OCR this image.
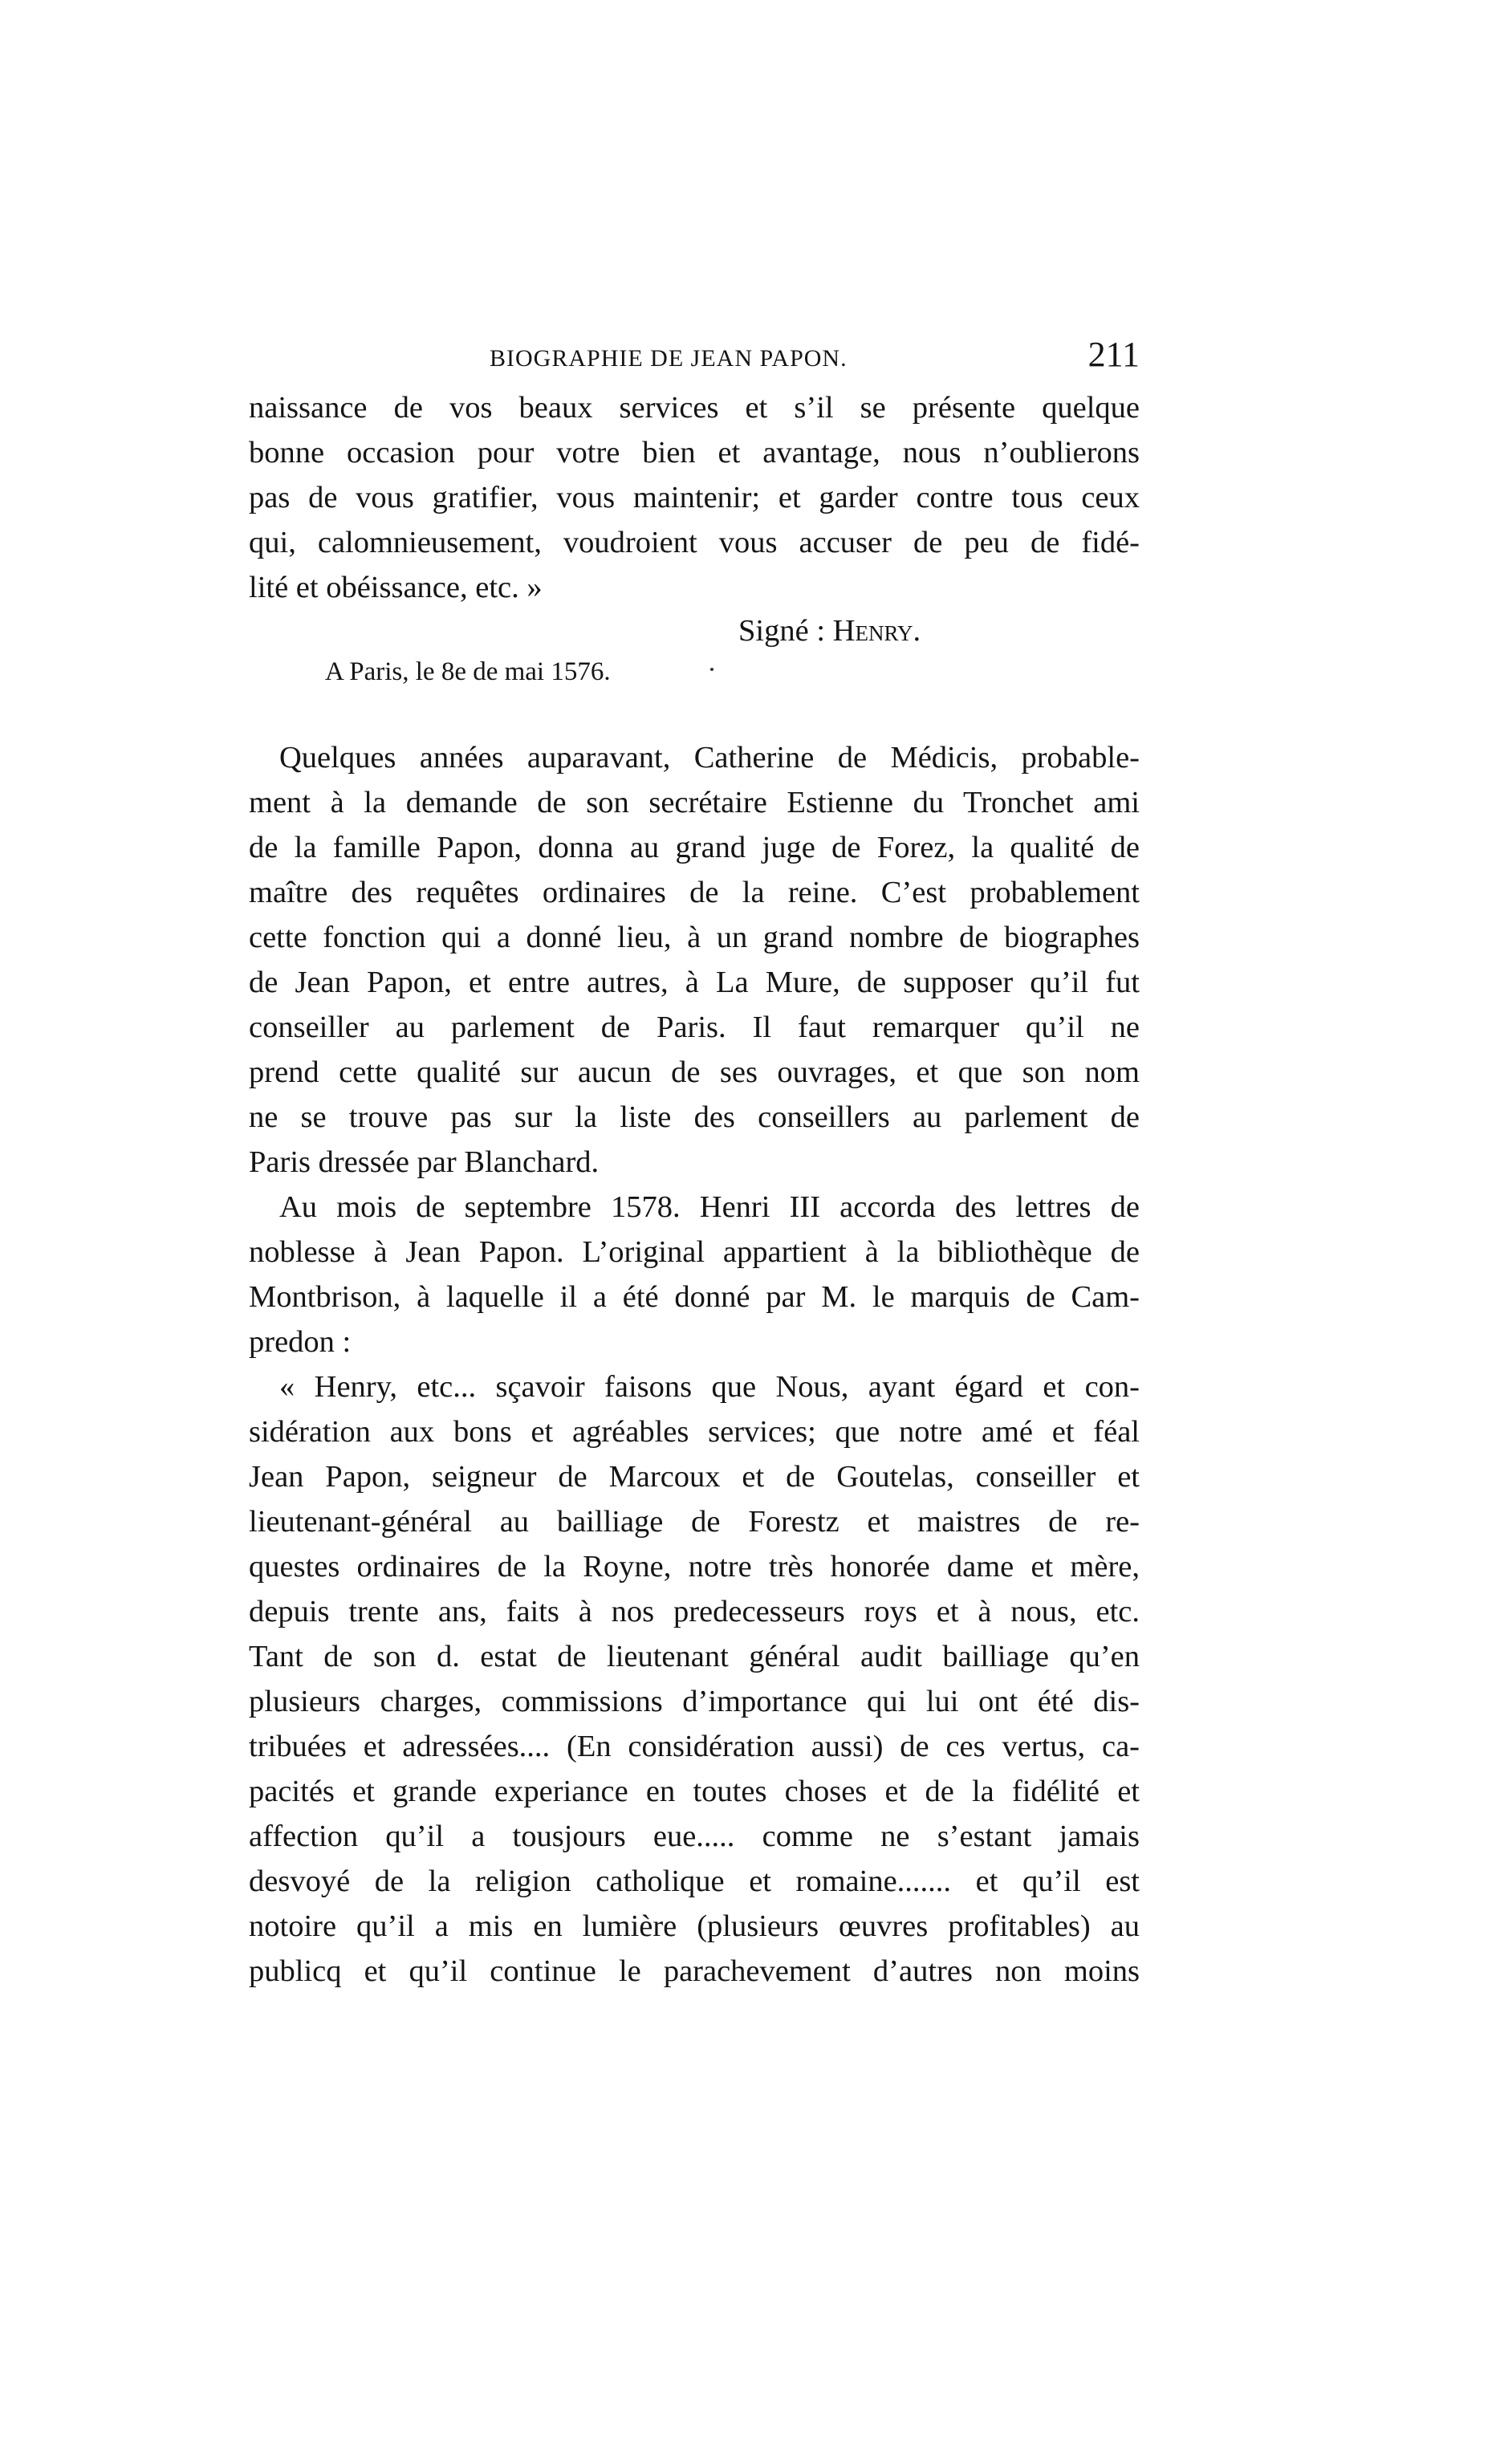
BIOGRAPHIE DE JEAN PAPON.	211
naissance de vos beaux services et s’il se présente quelque
bonne occasion pour votre bien et avantage, nous n’oublierons
pas de vous gratifier, vous maintenir; et garder contre tous ceux
qui, calomnieusement, voudroient vous accuser de peu de fidé-
lité et obéissance, etc. »
Signé : Henry.
A Paris, le 8e de mai 1576.
Quelques années auparavant, Catherine de Médicis, probable-
ment à la demande de son secrétaire Estienne du Tronchet ami
de la famille Papon, donna au grand juge de Forez, la qualité de
maître des requêtes ordinaires de la reine. C’est probablement
cette fonction qui a donné lieu, à un grand nombre de biographes
de Jean Papon, et entre autres, à La Mure, de supposer qu’il fut
conseiller au parlement de Paris. Il faut remarquer qu’il ne
prend cette qualité sur aucun de ses ouvrages, et que son nom
ne se trouve pas sur la liste des conseillers au parlement de
Paris dressée par Blanchard.
Au mois de septembre 1578. Henri III accorda des lettres de
noblesse à Jean Papon. L’original appartient à la bibliothèque de
Montbrison, à laquelle il a été donné par M. le marquis de Cam-
predon :
« Henry, etc... sçavoir faisons que Nous, ayant égard et con-
sidération aux bons et agréables services; que notre amé et féal
Jean Papon, seigneur de Marcoux et de Goutelas, conseiller et
lieutenant-général au bailliage de Forestz et maistres de re-
questes ordinaires de la Royne, notre très honorée dame et mère,
depuis trente ans, faits à nos predecesseurs roys et à nous, etc.
Tant de son d. estat de lieutenant général audit bailliage qu’en
plusieurs charges, commissions d’importance qui lui ont été dis-
tribuées et adressées.... (En considération aussi) de ces vertus, ca-
pacités et grande experiance en toutes choses et de la fidélité et
affection qu’il a tousjours eue..... comme ne s’estant jamais
desvoyé de la religion catholique et romaine....... et qu’il est
notoire qu’il a mis en lumière (plusieurs œuvres profitables) au
publicq et qu’il continue le parachevement d’autres non moins
